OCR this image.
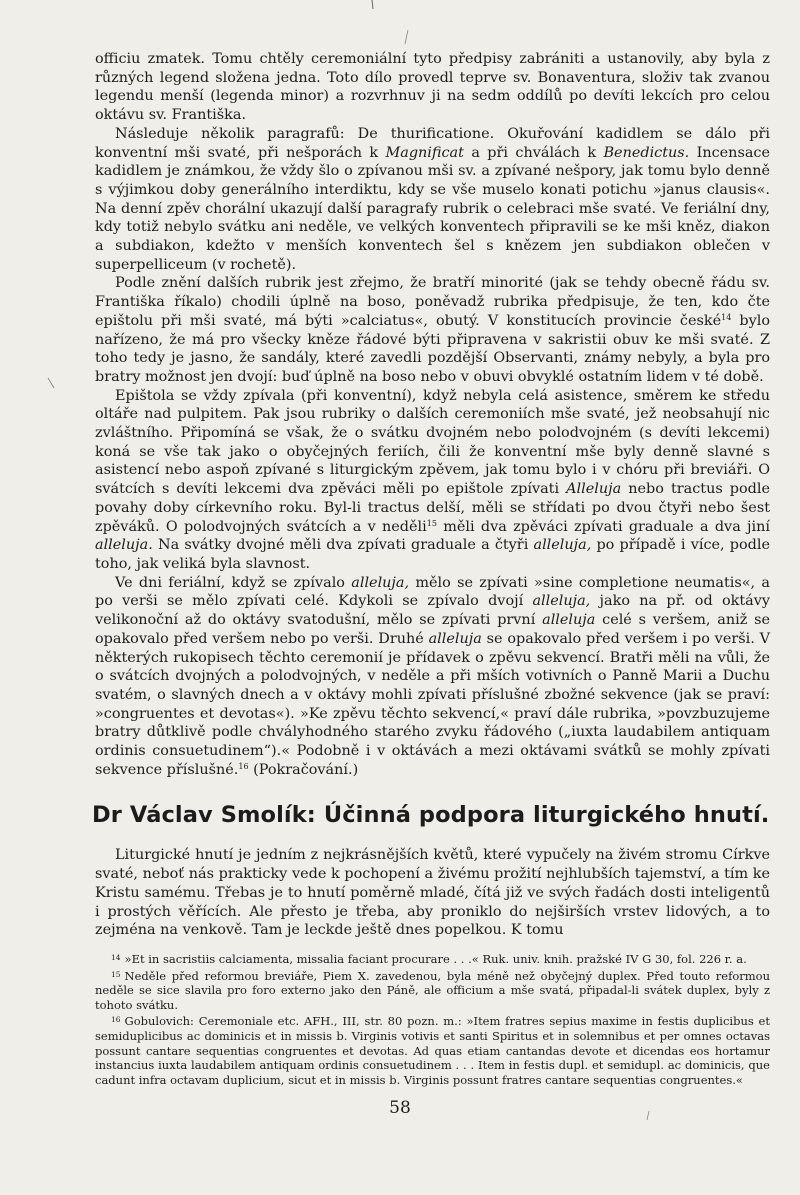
officiu zmatek. Tomu chtěly ceremoniální tyto předpisy zabrániti a ustanovily, aby byla z různých legend složena jedna. Toto dílo provedl teprve sv. Bonaventura, složiv tak zvanou legendu menší (legenda minor) a rozvrhnuv ji na sedm oddílů po devíti lekcích pro celou oktávu sv. Františka.

Následuje několik paragrafů: De thurificatione. Okuřování kadidlem se dálo při konventní mši svaté, při nešporách k Magnificat a při chválách k Benedictus. Incensace kadidlem je známkou, že vždy šlo o zpívanou mši sv. a zpívané nešpory, jak tomu bylo denně s výjimkou doby generálního interdiktu, kdy se vše muselo konati potichu »janus clausis«. Na denní zpěv chorální ukazují další paragrafy rubrik o celebraci mše svaté. Ve feriální dny, kdy totiž nebylo svátku ani neděle, ve velkých konventech připravili se ke mši kněz, diakon a subdiakon, kdežto v menších konventech šel s knězem jen subdiakon oblečen v superpelliceum (v rochetě).

Podle znění dalších rubrik jest zřejmo, že bratří minorité (jak se tehdy obecně řádu sv. Františka říkalo) chodili úplně na boso, poněvadž rubrika předpisuje, že ten, kdo čte epištolu při mši svaté, má býti »calciatus«, obutý. V konstitucích provincie české$^{14}$ bylo nařízeno, že má pro všecky kněze řádové býti připravena v sakristii obuv ke mši svaté. Z toho tedy je jasno, že sandály, které zavedli pozdější Observanti, známy nebyly, a byla pro bratry možnost jen dvojí: buď úplně na boso nebo v obuvi obvyklé ostatním lidem v té době.

Epištola se vždy zpívala (při konventní), když nebyla celá asistence, směrem ke středu oltáře nad pulpitem. Pak jsou rubriky o dalších ceremoniích mše svaté, jež neobsahují nic zvláštního. Připomíná se však, že o svátku dvojném nebo polodvojném (s devíti lekcemi) koná se vše tak jako o obyčejných feriích, čili že konventní mše byly denně slavné s asistencí nebo aspoň zpívané s liturgickým zpěvem, jak tomu bylo i v chóru při breviáři. O svátcích s devíti lekcemi dva zpěváci měli po epištole zpívati Alleluja nebo tractus podle povahy doby církevního roku. Byl-li tractus delší, měli se střídati po dvou čtyři nebo šest zpěváků. O polodvojných svátcích a v neděli$^{15}$ měli dva zpěváci zpívati graduale a dva jiní alleluja. Na svátky dvojné měli dva zpívati graduale a čtyři alleluja, po případě i více, podle toho, jak veliká byla slavnost.

Ve dni feriální, když se zpívalo alleluja, mělo se zpívati »sine completione neumatis«, a po verši se mělo zpívati celé. Kdykoli se zpívalo dvojí alleluja, jako na př. od oktávy velikonoční až do oktávy svatodušní, mělo se zpívati první alleluja celé s veršem, aniž se opakovalo před veršem nebo po verši. Druhé alleluja se opakovalo před veršem i po verši. V některých rukopisech těchto ceremonií je přídavek o zpěvu sekvencí. Bratři měli na vůli, že o svátcích dvojných a polodvojných, v neděle a při mších votivních o Panně Marii a Duchu svatém, o slavných dnech a v oktávy mohli zpívati příslušné zbožné sekvence (jak se praví: »congruentes et devotas«). »Ke zpěvu těchto sekvencí,« praví dále rubrika, »povzbuzujeme bratry důtklivě podle chvályhodného starého zvyku řádového („iuxta laudabilem antiquam ordinis consuetudinem“).« Podobně i v oktávách a mezi oktávami svátků se mohly zpívati sekvence příslušné.$^{16}$ (Pokračování.)

Dr Václav Smolík: Účinná podpora liturgického hnutí.

Liturgické hnutí je jedním z nejkrásnějších květů, které vypučely na živém stromu Církve svaté, neboť nás prakticky vede k pochopení a živému prožití nejhlubších tajemství, a tím ke Kristu samému. Třebas je to hnutí poměrně mladé, čítá již ve svých řadách dosti inteligentů i prostých věřících. Ale přesto je třeba, aby proniklo do nejširších vrstev lidových, a to zejména na venkově. Tam je leckde ještě dnes popelkou. K tomu

$^{14}$ »Et in sacristiis calciamenta, missalia faciant procurare . . .« Ruk. univ. knih. pražské IV G 30, fol. 226 r. a.

$^{15}$ Neděle před reformou breviáře, Piem X. zavedenou, byla méně než obyčejný duplex. Před touto reformou neděle se sice slavila pro foro externo jako den Páně, ale officium a mše svatá, připadal-li svátek duplex, byly z tohoto svátku.

$^{16}$ Gobulovich: Ceremoniale etc. AFH., III, str. 80 pozn. m.: »Item fratres sepius maxime in festis duplicibus et semiduplicibus ac dominicis et in missis b. Virginis votivis et santi Spiritus et in solemnibus et per omnes octavas possunt cantare sequentias congruentes et devotas. Ad quas etiam cantandas devote et dicendas eos hortamur instancius iuxta laudabilem antiquam ordinis consuetudinem . . . Item in festis dupl. et semidupl. ac dominicis, que cadunt infra octavam duplicium, sicut et in missis b. Virginis possunt fratres cantare sequentias congruentes.«

58
